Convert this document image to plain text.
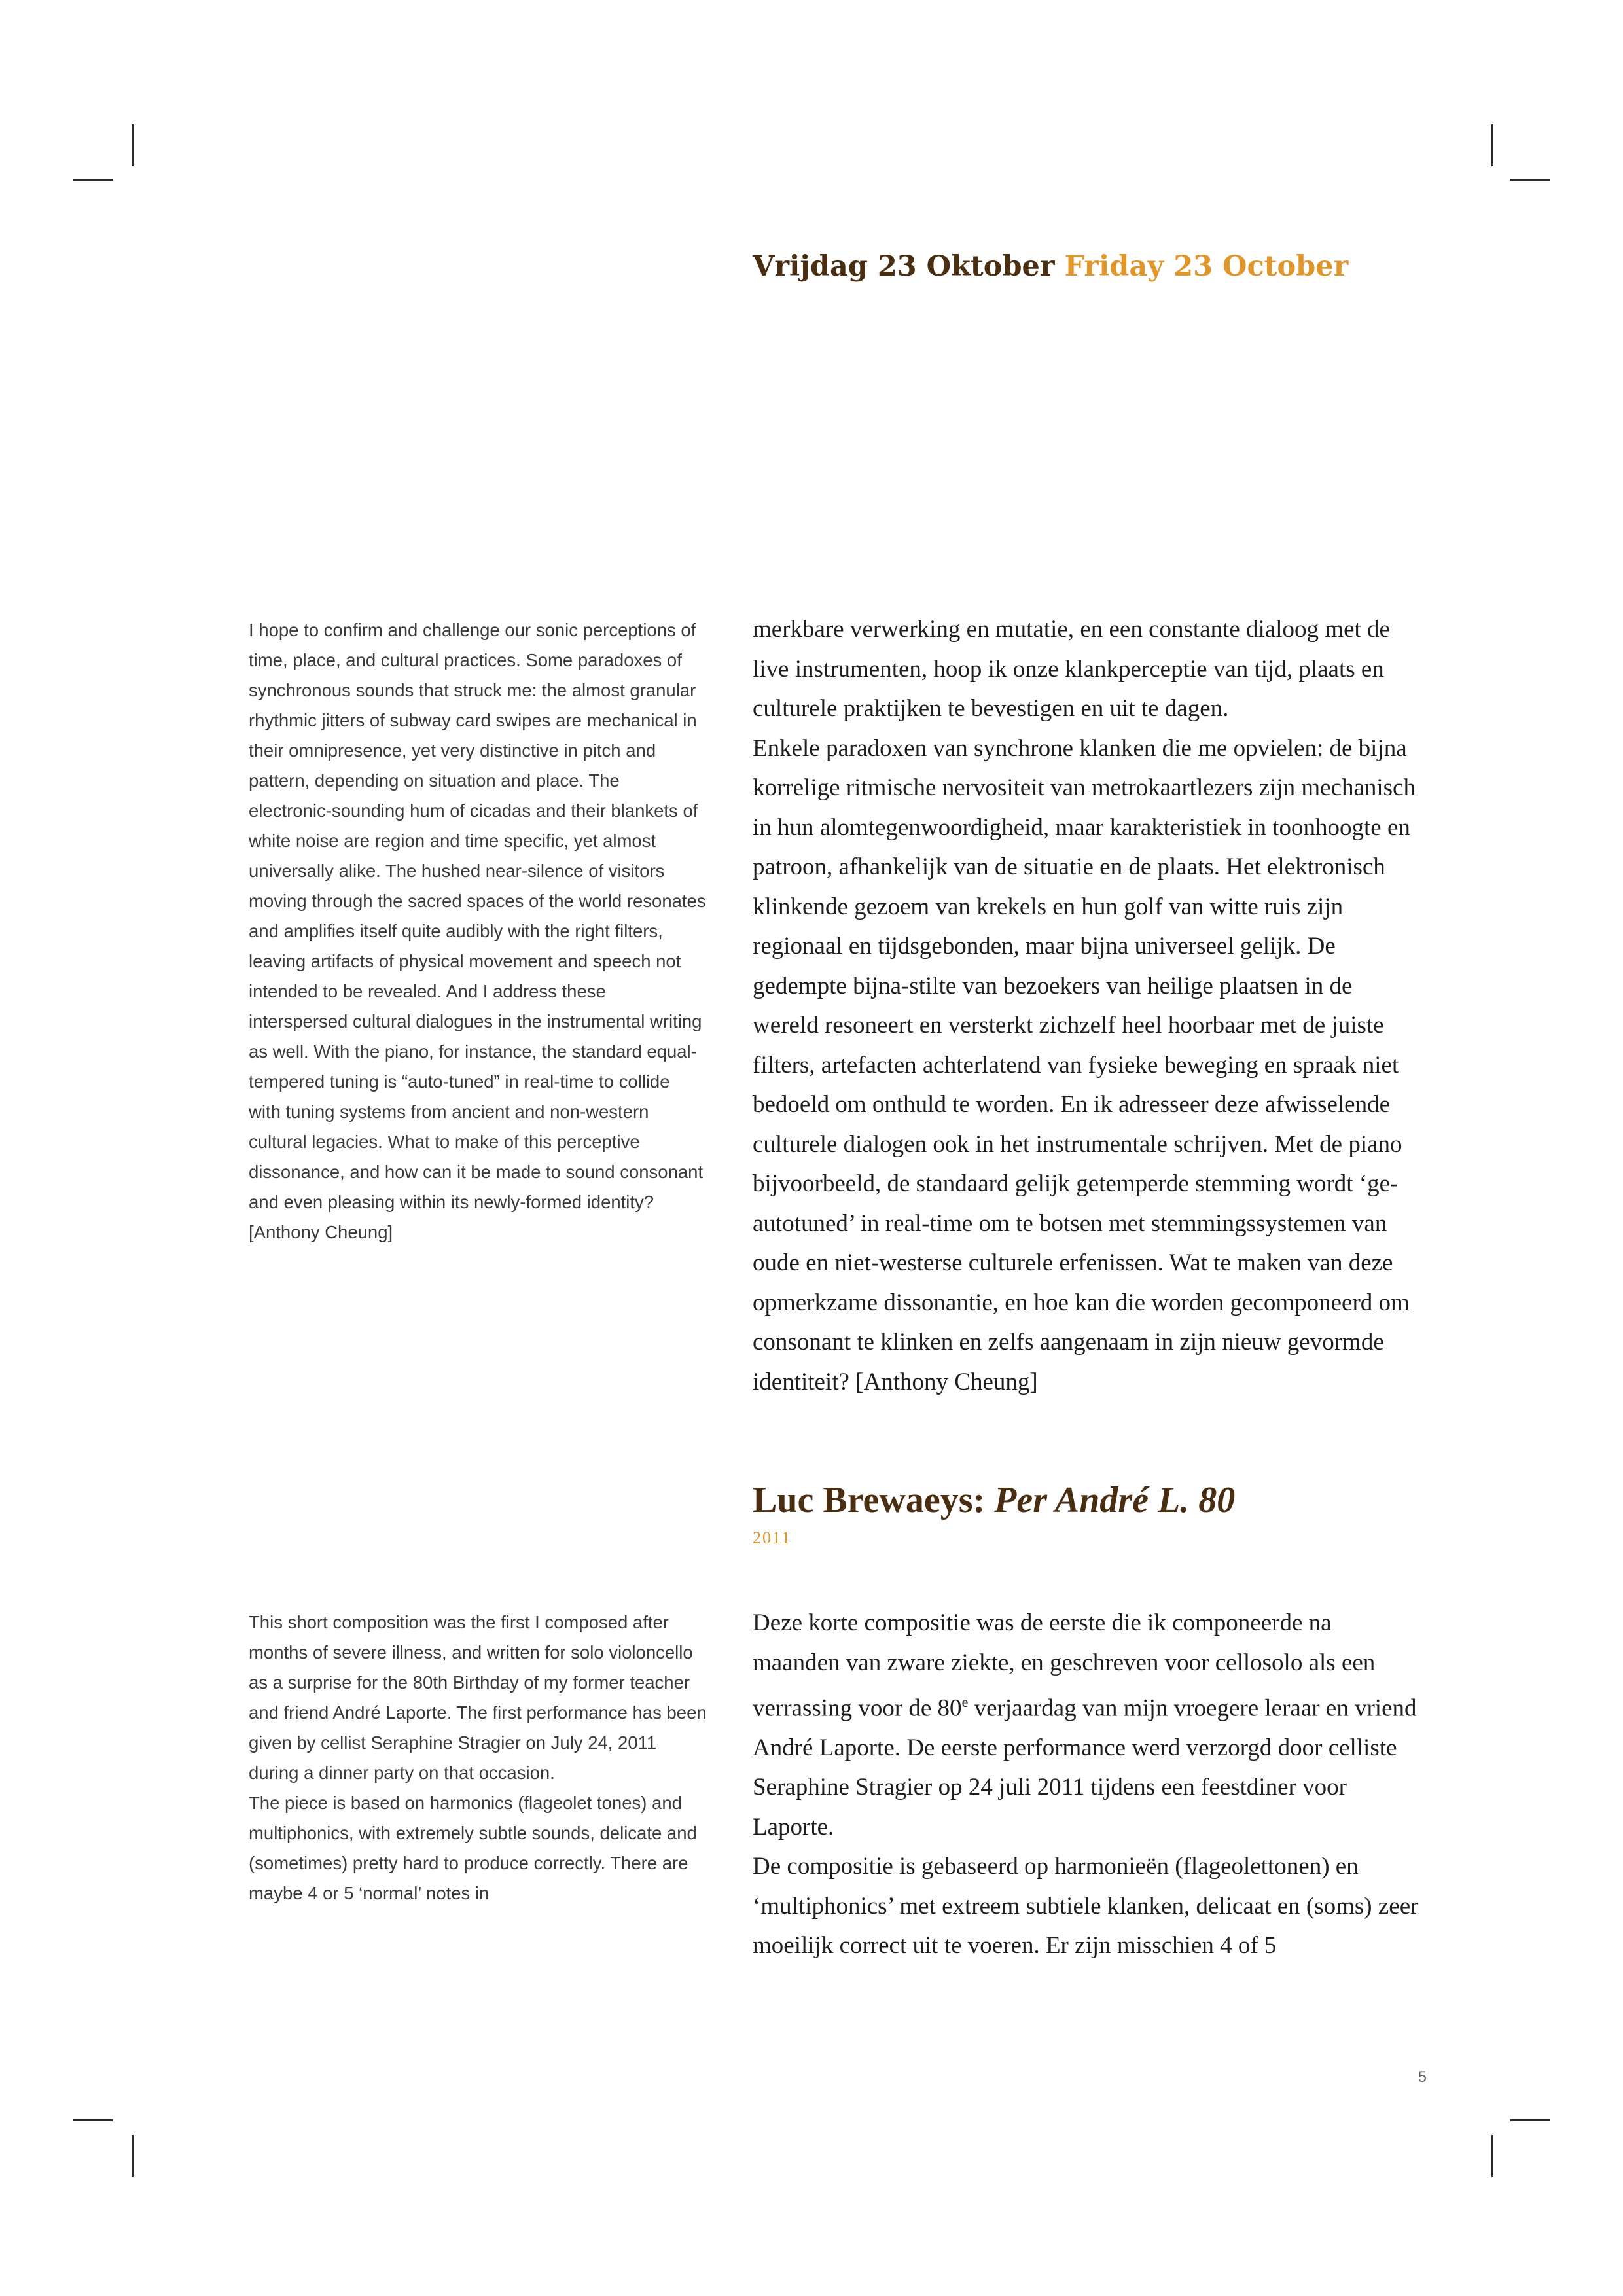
Vrijdag 23 Oktober Friday 23 October

I hope to confirm and challenge our sonic perceptions of time, place, and cultural practices. Some paradoxes of synchronous sounds that struck me: the almost granular rhythmic jitters of subway card swipes are mechanical in their omnipresence, yet very distinctive in pitch and pattern, depending on situation and place. The electronic-sounding hum of cicadas and their blankets of white noise are region and time specific, yet almost universally alike. The hushed near-silence of visitors moving through the sacred spaces of the world resonates and amplifies itself quite audibly with the right filters, leaving artifacts of physical movement and speech not intended to be revealed. And I address these interspersed cultural dialogues in the instrumental writing as well. With the piano, for instance, the standard equal-tempered tuning is “auto-tuned” in real-time to collide with tuning systems from ancient and non-western cultural legacies. What to make of this perceptive dissonance, and how can it be made to sound consonant and even pleasing within its newly-formed identity? [Anthony Cheung]

merkbare verwerking en mutatie, en een constante dialoog met de live instrumenten, hoop ik onze klankperceptie van tijd, plaats en culturele praktijken te bevestigen en uit te dagen.

Enkele paradoxen van synchrone klanken die me opvielen: de bijna korrelige ritmische nervositeit van metrokaartlezers zijn mechanisch in hun alomtegenwoordigheid, maar karakteristiek in toonhoogte en patroon, afhankelijk van de situatie en de plaats. Het elektronisch klinkende gezoem van krekels en hun golf van witte ruis zijn regionaal en tijdsgebonden, maar bijna universeel gelijk. De gedempte bijna-stilte van bezoekers van heilige plaatsen in de wereld resoneert en versterkt zichzelf heel hoorbaar met de juiste filters, artefacten achterlatend van fysieke beweging en spraak niet bedoeld om onthuld te worden. En ik adresseer deze afwisselende culturele dialogen ook in het instrumentale schrijven. Met de piano bijvoorbeeld, de standaard gelijk getemperde stemming wordt ‘ge-autotuned’ in real-time om te botsen met stemmingssystemen van oude en niet-westerse culturele erfenissen. Wat te maken van deze opmerkzame dissonantie, en hoe kan die worden gecomponeerd om consonant te klinken en zelfs aangenaam in zijn nieuw gevormde identiteit? [Anthony Cheung]

Luc Brewaeys: Per André L. 80
2011

This short composition was the first I composed after months of severe illness, and written for solo violoncello as a surprise for the 80th Birthday of my former teacher and friend André Laporte. The first performance has been given by cellist Seraphine Stragier on July 24, 2011 during a dinner party on that occasion.

The piece is based on harmonics (flageolet tones) and multiphonics, with extremely subtle sounds, delicate and (sometimes) pretty hard to produce correctly. There are maybe 4 or 5 ‘normal’ notes in

Deze korte compositie was de eerste die ik componeerde na maanden van zware ziekte, en geschreven voor cellosolo als een verrassing voor de 80e verjaardag van mijn vroegere leraar en vriend André Laporte. De eerste performance werd verzorgd door celliste Seraphine Stragier op 24 juli 2011 tijdens een feestdiner voor Laporte.

De compositie is gebaseerd op harmonieën (flageolettonen) en ‘multiphonics’ met extreem subtiele klanken, delicaat en (soms) zeer moeilijk correct uit te voeren. Er zijn misschien 4 of 5

5
